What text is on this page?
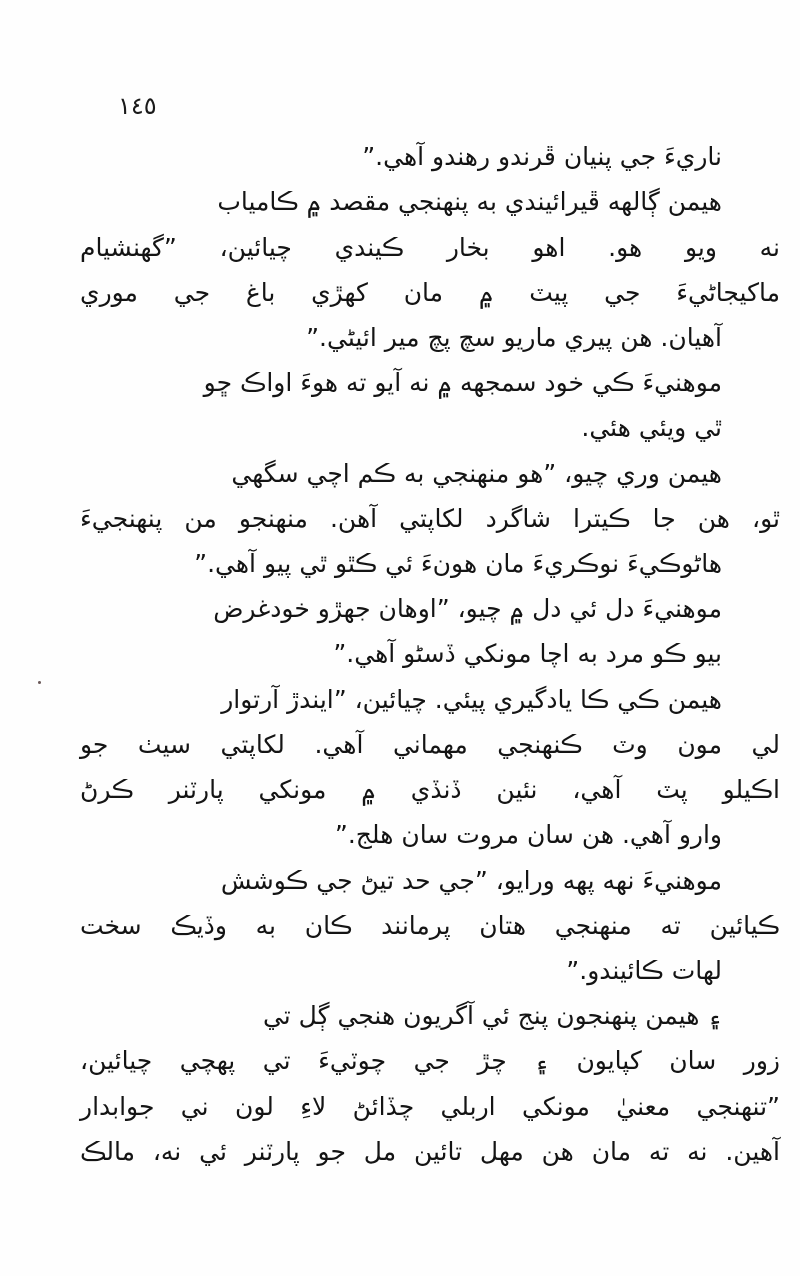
١٤٥
ناريءَ جي پنيان ڦرندو رهندو آهي.”
هيمن ڳالهه ڦيرائيندي به پنهنجي مقصد ۾ ڪامياب
نه ويو هو. اهو بخار ڪيندي چيائين، ”گهنشيام
ماکيجاڻيءَ جي پيٽ ۾ مان کهڙي باغ جي موري
آهيان. هن پيري ماريو سچ پچ مير ائيڻي.”
موهنيءَ ڪي خود سمجهه ۾ نه آيو ته هوءَ اواڪ ڇو
ٿي ويئي هئي.
هيمن وري چيو، ”هو منهنجي به ڪم اچي سگهي
ٿو، هن جا ڪيترا شاگرد لکاپتي آهن. منهنجو من پنهنجيءَ
هاڻوڪيءَ نوڪريءَ مان هونءَ ئي ڪٿو ٿي پيو آهي.”
موهنيءَ دل ئي دل ۾ چيو، ”اوهان جهڙو خودغرض
بيو ڪو مرد به اچا مونکي ڏسڻو آهي.”
هيمن ڪي ڪا يادگيري پيئي. چيائين، ”ايندڙ آرتوار
لي مون وٽ ڪنهنجي مهماني آهي. لکاپتي سيٺ جو
اڪيلو پٽ آهي، نئين ڏنڏي ۾ مونکي پارٽنر ڪرڻ
وارو آهي. هن سان مروت سان هلج.”
موهنيءَ نهه پهه ورايو، ”جي حد تيڻ جي ڪوشش
ڪيائين ته منهنجي هتان پرمانند ڪان به وڏيڪ سخت
لهات ڪائيندو.”
۽ هيمن پنهنجون پنج ئي آگريون هنجي ڳل تي
زور سان کپايون ۽ چڙ جي چوٽيءَ تي پهچي چيائين،
”تنهنجي معنيٰ مونکي اربلي چڏائڻ لاءِ لون ني جوابدار
آهين. نه ته مان هن مهل تائين مل جو پارٽنر ئي نه، مالڪ
